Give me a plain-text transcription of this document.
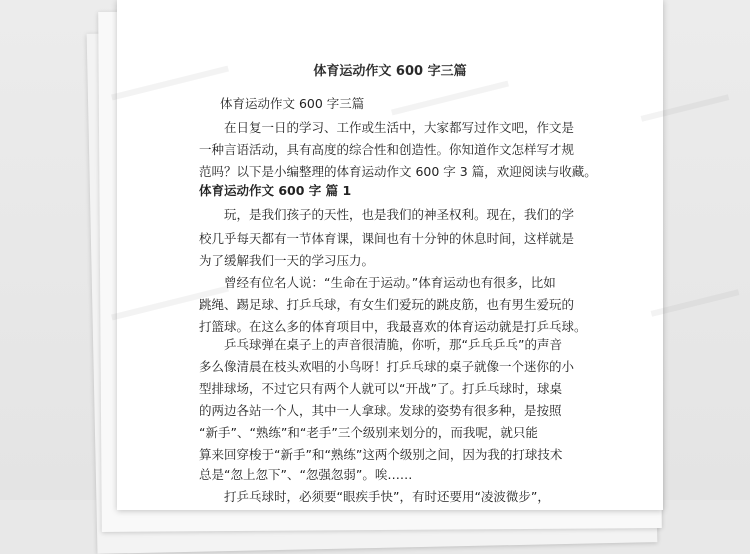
体育运动作文 600 字三篇

体育运动作文 600 字三篇

　　在日复一日的学习、工作或生活中，大家都写过作文吧，作文是

一种言语活动，具有高度的综合性和创造性。你知道作文怎样写才规

范吗？以下是小编整理的体育运动作文 600 字 3 篇，欢迎阅读与收藏。

体育运动作文 600 字 篇 1

　　玩，是我们孩子的天性，也是我们的神圣权利。现在，我们的学

校几乎每天都有一节体育课，课间也有十分钟的休息时间，这样就是

为了缓解我们一天的学习压力。

　　曾经有位名人说：“生命在于运动。”体育运动也有很多，比如

跳绳、踢足球、打乒乓球，有女生们爱玩的跳皮筋，也有男生爱玩的

打篮球。在这么多的体育项目中，我最喜欢的体育运动就是打乒乓球。

　　乒乓球弹在桌子上的声音很清脆，你听，那“乒乓乒乓”的声音

多么像清晨在枝头欢唱的小鸟呀！打乒乓球的桌子就像一个迷你的小

型排球场，不过它只有两个人就可以“开战”了。打乒乓球时，球桌

的两边各站一个人，其中一人拿球。发球的姿势有很多种，是按照

“新手”、“熟练”和“老手”三个级别来划分的，而我呢，就只能

算来回穿梭于“新手”和“熟练”这两个级别之间，因为我的打球技术

总是“忽上忽下”、“忽强忽弱”。唉……

　　打乒乓球时，必须要“眼疾手快”，有时还要用“凌波微步”，
